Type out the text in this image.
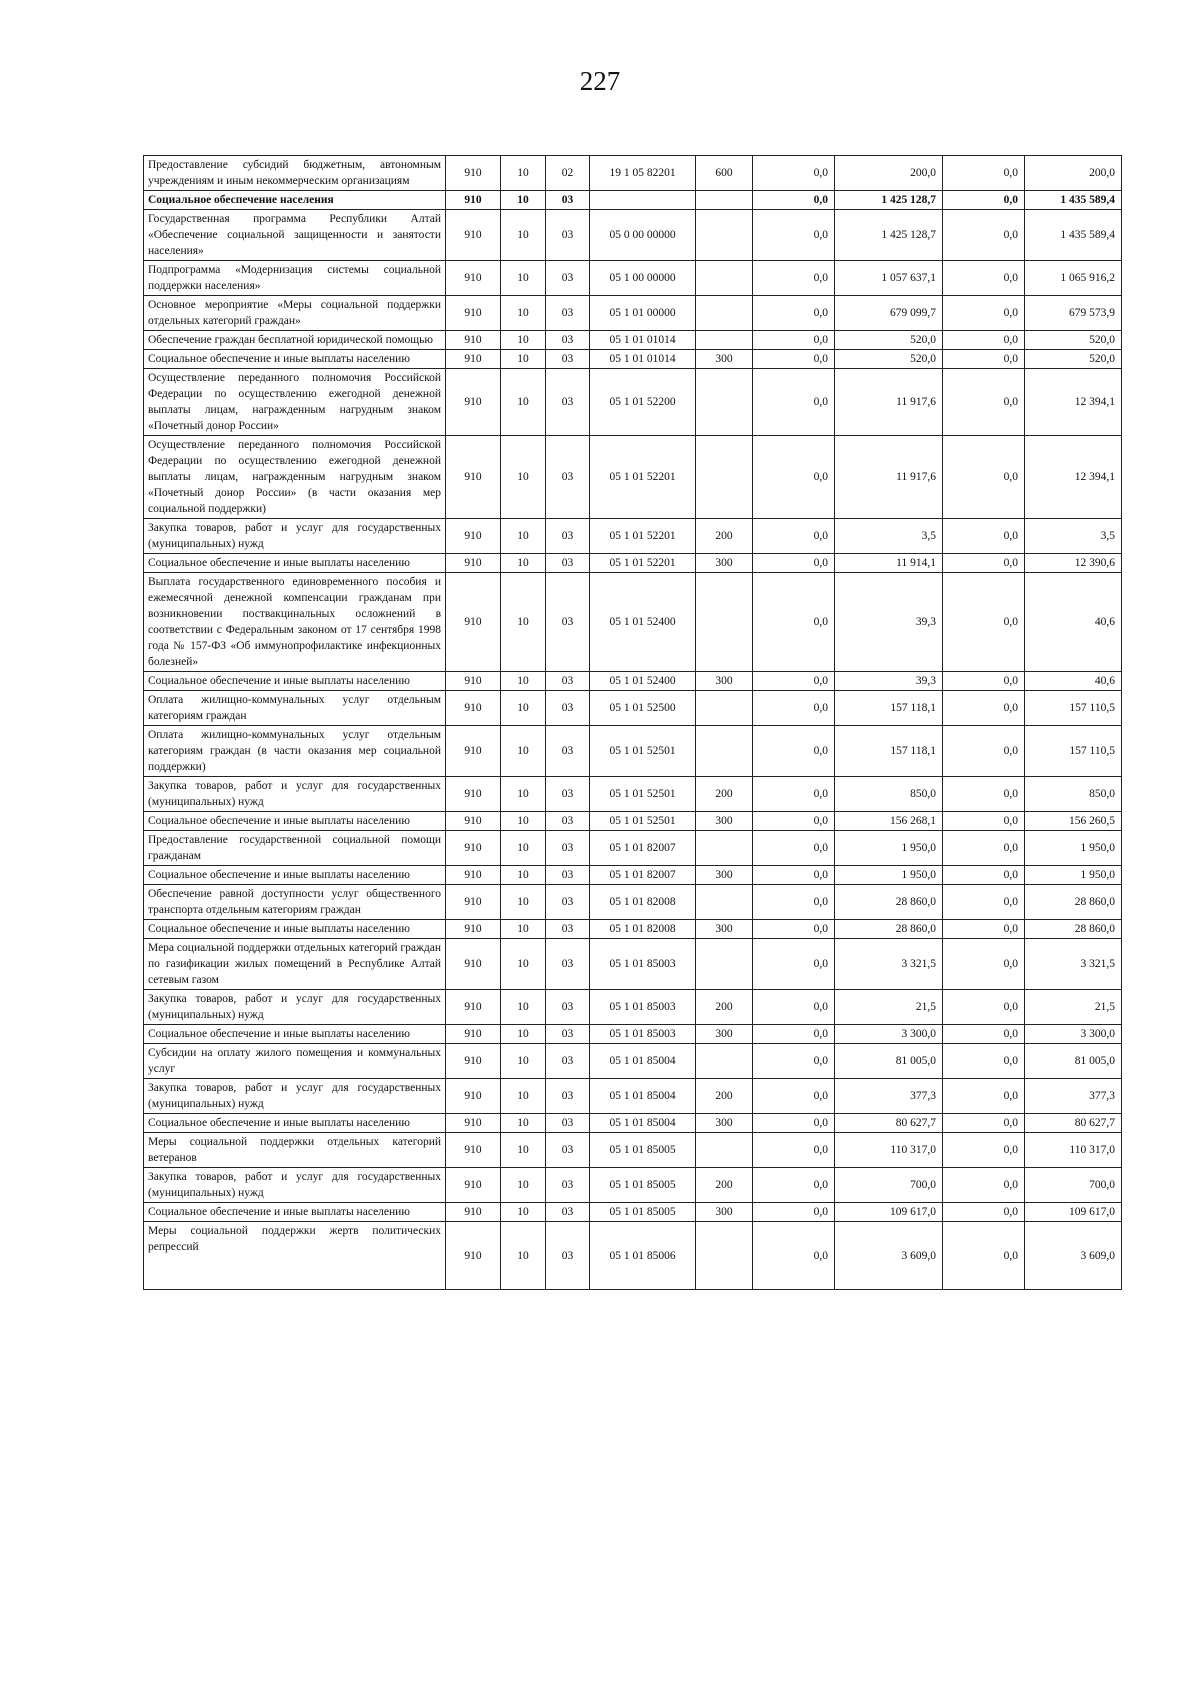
227
Предоставление субсидий бюджетным, автономным учреждениям и иным некоммерческим организациям	910	10	02	19 1 05 82201	600	0,0	200,0	0,0	200,0
Социальное обеспечение населения	910	10	03			0,0	1 425 128,7	0,0	1 435 589,4
Государственная программа Республики Алтай «Обеспечение социальной защищенности и занятости населения»	910	10	03	05 0 00 00000		0,0	1 425 128,7	0,0	1 435 589,4
Подпрограмма «Модернизация системы социальной поддержки населения»	910	10	03	05 1 00 00000		0,0	1 057 637,1	0,0	1 065 916,2
Основное мероприятие «Меры социальной поддержки отдельных категорий граждан»	910	10	03	05 1 01 00000		0,0	679 099,7	0,0	679 573,9
Обеспечение граждан бесплатной юридической помощью	910	10	03	05 1 01 01014		0,0	520,0	0,0	520,0
Социальное обеспечение и иные выплаты населению	910	10	03	05 1 01 01014	300	0,0	520,0	0,0	520,0
Осуществление переданного полномочия Российской Федерации по осуществлению ежегодной денежной выплаты лицам, награжденным нагрудным знаком «Почетный донор России»	910	10	03	05 1 01 52200		0,0	11 917,6	0,0	12 394,1
Осуществление переданного полномочия Российской Федерации по осуществлению ежегодной денежной выплаты лицам, награжденным нагрудным знаком «Почетный донор России» (в части оказания мер социальной поддержки)	910	10	03	05 1 01 52201		0,0	11 917,6	0,0	12 394,1
Закупка товаров, работ и услуг для государственных (муниципальных) нужд	910	10	03	05 1 01 52201	200	0,0	3,5	0,0	3,5
Социальное обеспечение и иные выплаты населению	910	10	03	05 1 01 52201	300	0,0	11 914,1	0,0	12 390,6
Выплата государственного единовременного пособия и ежемесячной денежной компенсации гражданам при возникновении поствакцинальных осложнений в соответствии с Федеральным законом от 17 сентября 1998 года № 157-ФЗ «Об иммунопрофилактике инфекционных болезней»	910	10	03	05 1 01 52400		0,0	39,3	0,0	40,6
Социальное обеспечение и иные выплаты населению	910	10	03	05 1 01 52400	300	0,0	39,3	0,0	40,6
Оплата жилищно-коммунальных услуг отдельным категориям граждан	910	10	03	05 1 01 52500		0,0	157 118,1	0,0	157 110,5
Оплата жилищно-коммунальных услуг отдельным категориям граждан (в части оказания мер социальной поддержки)	910	10	03	05 1 01 52501		0,0	157 118,1	0,0	157 110,5
Закупка товаров, работ и услуг для государственных (муниципальных) нужд	910	10	03	05 1 01 52501	200	0,0	850,0	0,0	850,0
Социальное обеспечение и иные выплаты населению	910	10	03	05 1 01 52501	300	0,0	156 268,1	0,0	156 260,5
Предоставление государственной социальной помощи гражданам	910	10	03	05 1 01 82007		0,0	1 950,0	0,0	1 950,0
Социальное обеспечение и иные выплаты населению	910	10	03	05 1 01 82007	300	0,0	1 950,0	0,0	1 950,0
Обеспечение равной доступности услуг общественного транспорта отдельным категориям граждан	910	10	03	05 1 01 82008		0,0	28 860,0	0,0	28 860,0
Социальное обеспечение и иные выплаты населению	910	10	03	05 1 01 82008	300	0,0	28 860,0	0,0	28 860,0
Мера социальной поддержки отдельных категорий граждан по газификации жилых помещений в Республике Алтай сетевым газом	910	10	03	05 1 01 85003		0,0	3 321,5	0,0	3 321,5
Закупка товаров, работ и услуг для государственных (муниципальных) нужд	910	10	03	05 1 01 85003	200	0,0	21,5	0,0	21,5
Социальное обеспечение и иные выплаты населению	910	10	03	05 1 01 85003	300	0,0	3 300,0	0,0	3 300,0
Субсидии на оплату жилого помещения и коммунальных услуг	910	10	03	05 1 01 85004		0,0	81 005,0	0,0	81 005,0
Закупка товаров, работ и услуг для государственных (муниципальных) нужд	910	10	03	05 1 01 85004	200	0,0	377,3	0,0	377,3
Социальное обеспечение и иные выплаты населению	910	10	03	05 1 01 85004	300	0,0	80 627,7	0,0	80 627,7
Меры социальной поддержки отдельных категорий ветеранов	910	10	03	05 1 01 85005		0,0	110 317,0	0,0	110 317,0
Закупка товаров, работ и услуг для государственных (муниципальных) нужд	910	10	03	05 1 01 85005	200	0,0	700,0	0,0	700,0
Социальное обеспечение и иные выплаты населению	910	10	03	05 1 01 85005	300	0,0	109 617,0	0,0	109 617,0
Меры социальной поддержки жертв политических репрессий	910	10	03	05 1 01 85006		0,0	3 609,0	0,0	3 609,0
